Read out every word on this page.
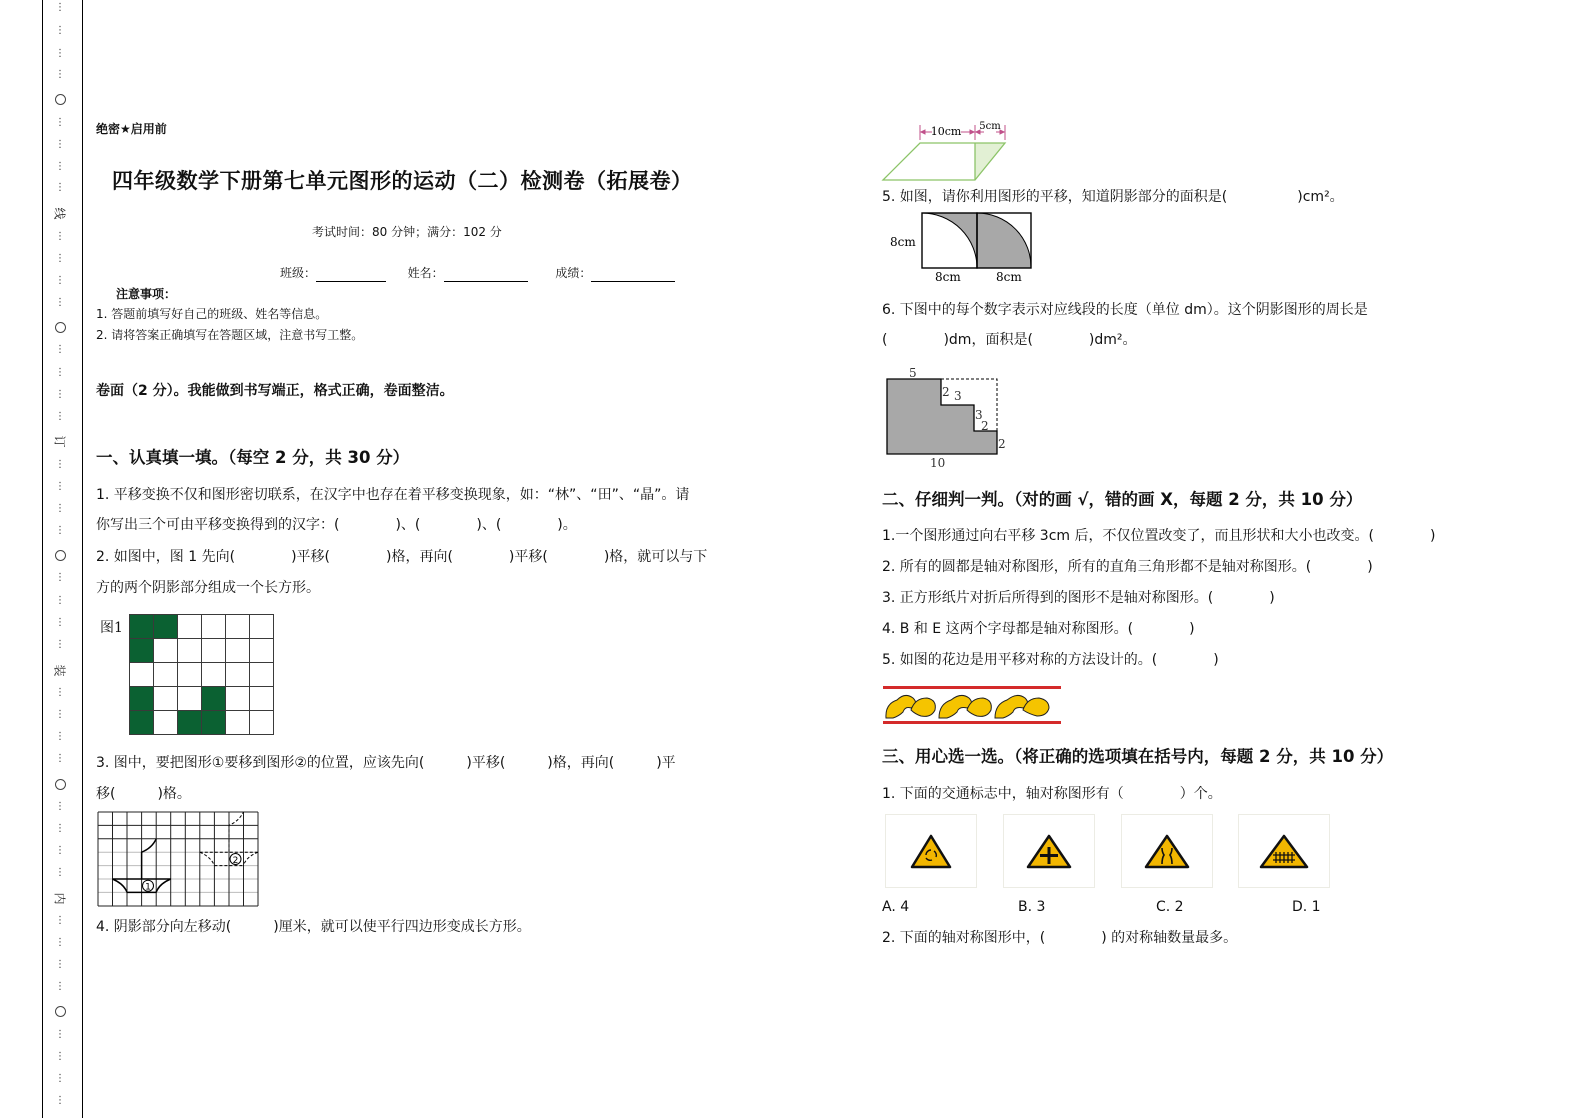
⋮
⋮
⋮
⋮
⋮
⋮
⋮
⋮
线
⋮
⋮
⋮
⋮
⋮
⋮
⋮
⋮
订
⋮
⋮
⋮
⋮
⋮
⋮
⋮
⋮
装
⋮
⋮
⋮
⋮
⋮
⋮
⋮
⋮
内
⋮
⋮
⋮
⋮
⋮
⋮
⋮
⋮
绝密★启用前
四年级数学下册第七单元图形的运动（二）检测卷（拓展卷）
考试时间：80 分钟；满分：102 分
班级：	姓名：	成绩：
注意事项：
1. 答题前填写好自己的班级、姓名等信息。
2. 请将答案正确填写在答题区域，注意书写工整。
卷面（2 分）。我能做到书写端正，格式正确，卷面整洁。
一、认真填一填。（每空 2 分，共 30 分）
1. 平移变换不仅和图形密切联系，在汉字中也存在着平移变换现象，如：“林”、“田”、“晶”。请
你写出三个可由平移变换得到的汉字：(　　　　)、(　　　　)、(　　　　)。
2. 如图中，图 1 先向(　　　　)平移(　　　　)格，再向(　　　　)平移(　　　　)格，就可以与下
方的两个阴影部分组成一个长方形。
图1
3. 图中，要把图形①要移到图形②的位置，应该先向(　　　)平移(　　　)格，再向(　　　)平
移(　　　)格。
1
2
4. 阴影部分向左移动(　　　)厘米，就可以使平行四边形变成长方形。
10cm 5cm
5. 如图，请你利用图形的平移，知道阴影部分的面积是(　　　　　)cm²。
8cm
8cm	8cm
6. 下图中的每个数字表示对应线段的长度（单位 dm）。这个阴影图形的周长是
(　　　　)dm，面积是(　　　　)dm²。
5
2 3
3
2
2
10
二、仔细判一判。（对的画 √，错的画 X，每题 2 分，共 10 分）
1.一个图形通过向右平移 3cm 后，不仅位置改变了，而且形状和大小也改变。(　　　　)
2. 所有的圆都是轴对称图形，所有的直角三角形都不是轴对称图形。(　　　　)
3. 正方形纸片对折后所得到的图形不是轴对称图形。(　　　　)
4. B 和 E 这两个字母都是轴对称图形。(　　　　)
5. 如图的花边是用平移对称的方法设计的。(　　　　)
三、用心选一选。（将正确的选项填在括号内，每题 2 分，共 10 分）
1. 下面的交通标志中，轴对称图形有（　　　　）个。
A. 4	B. 3	C. 2	D. 1
2. 下面的轴对称图形中，(　　　　) 的对称轴数量最多。
